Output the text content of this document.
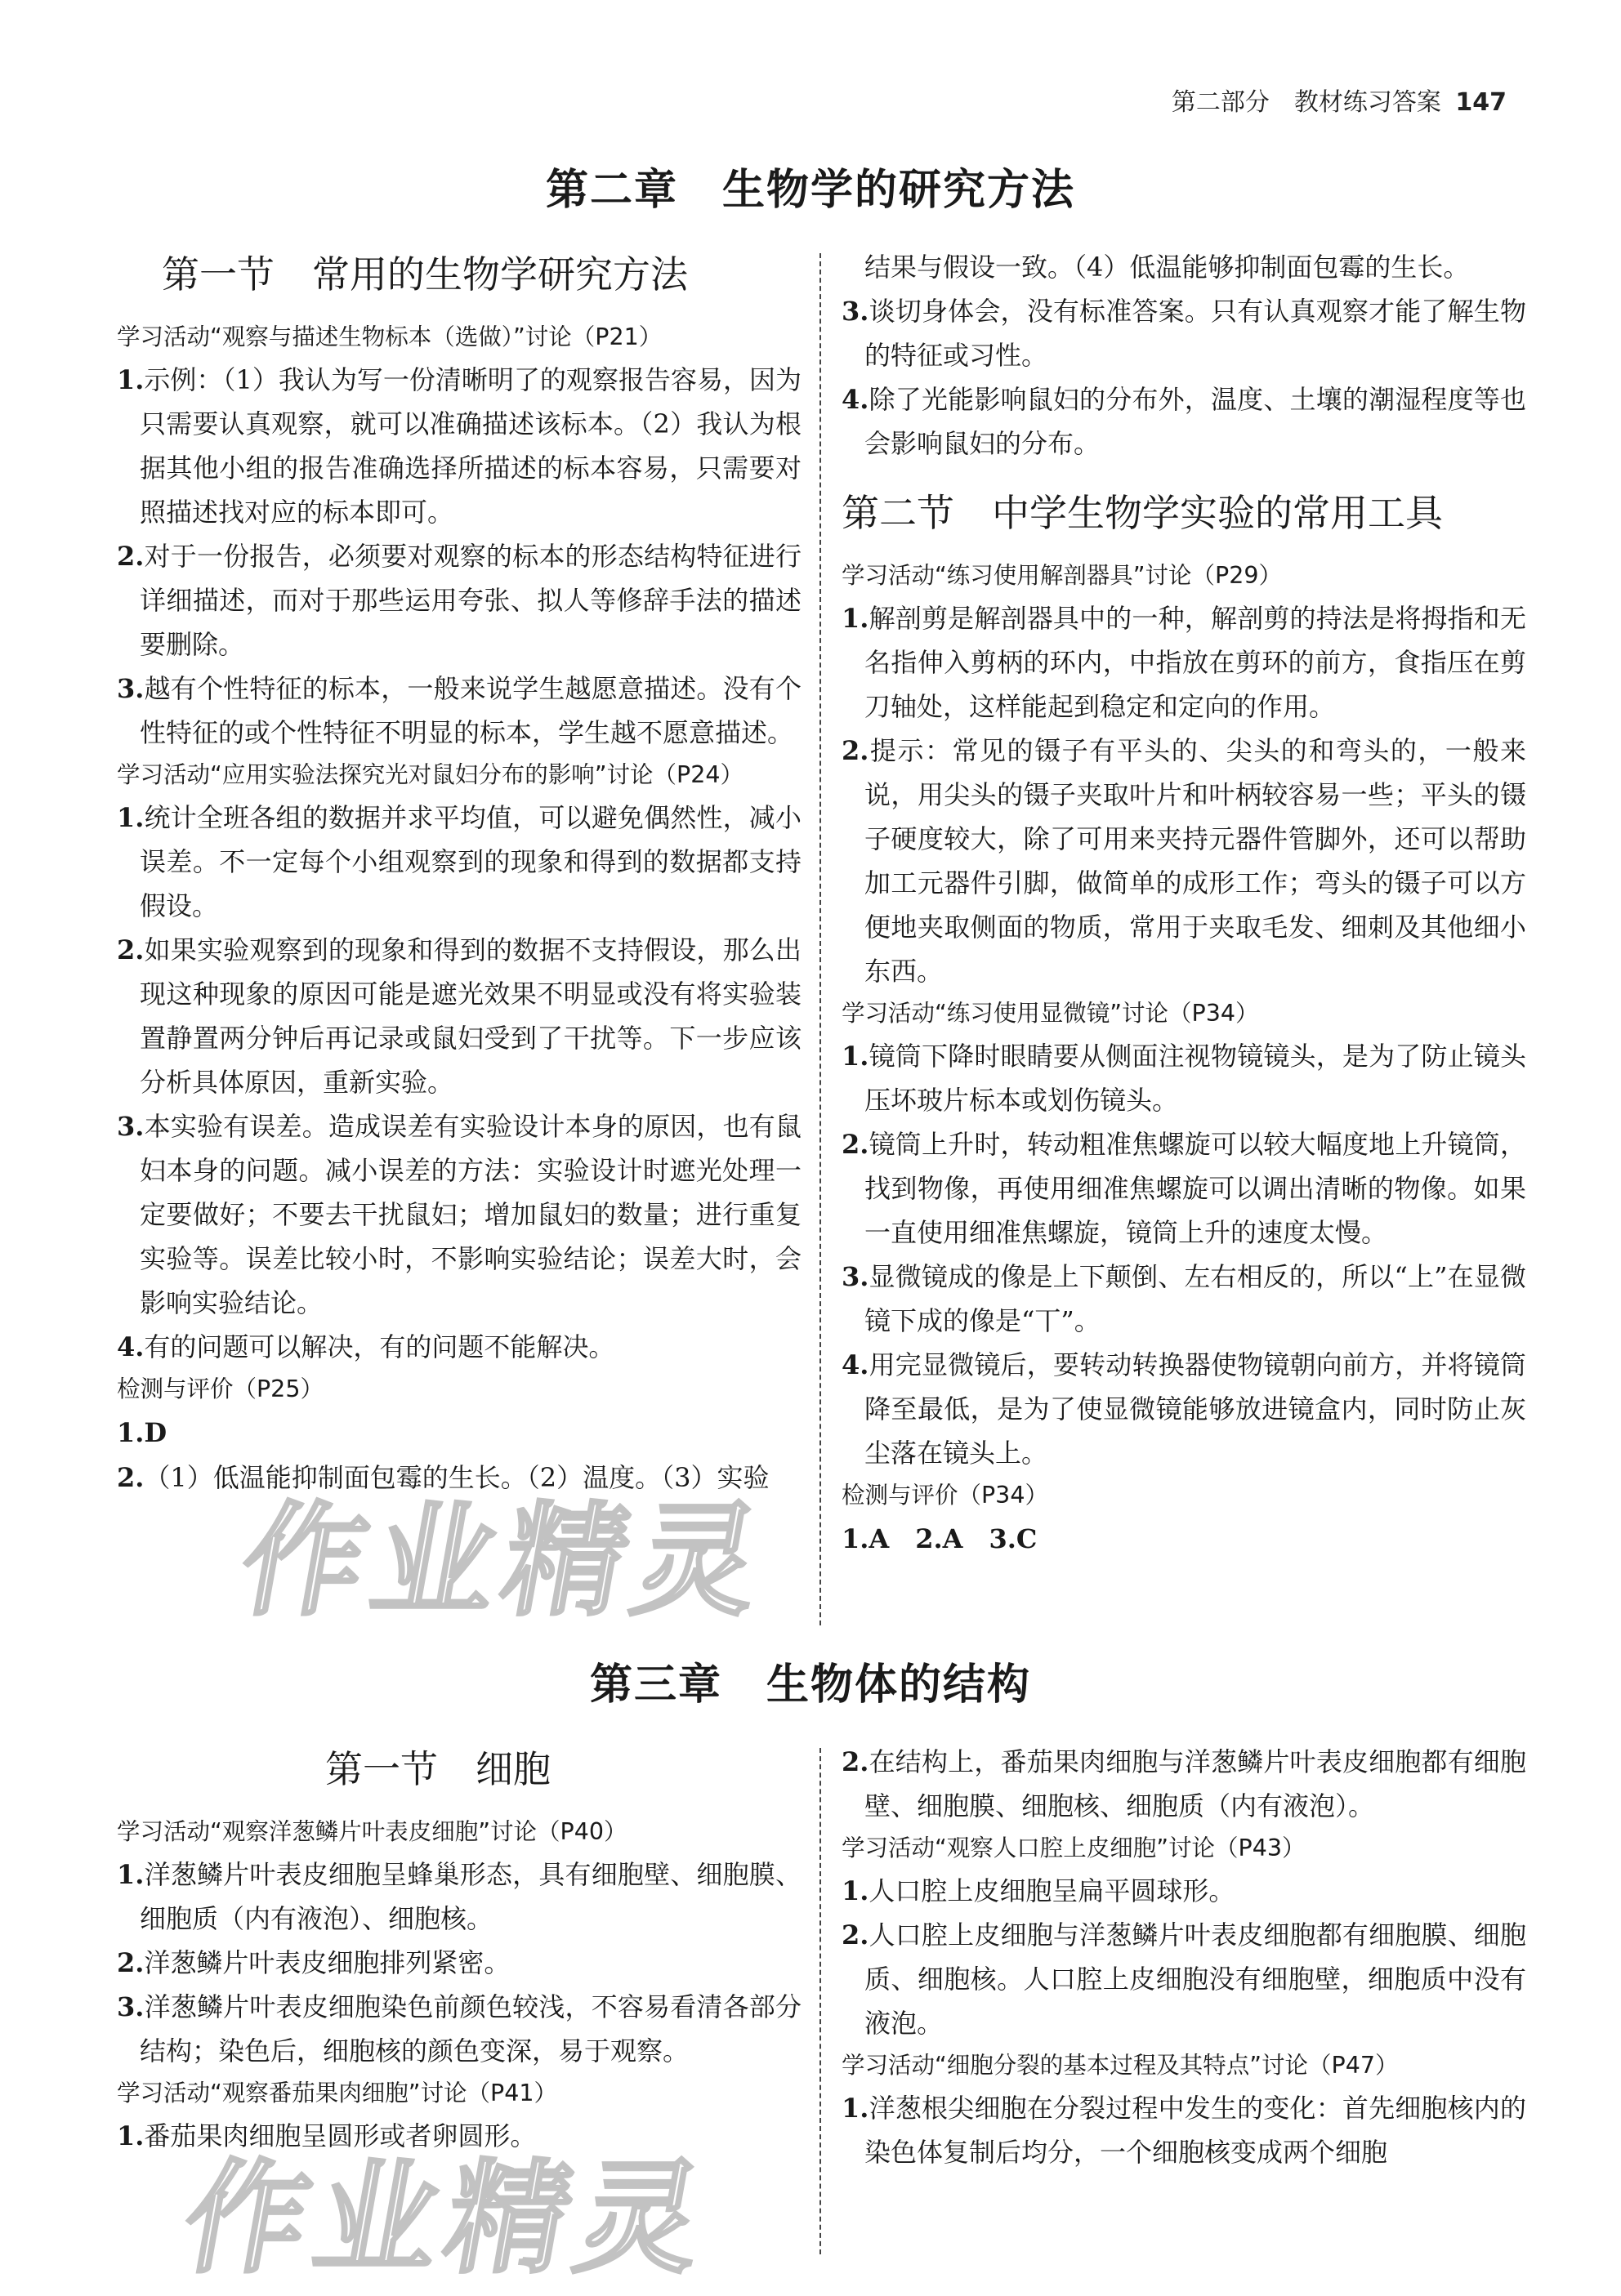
第二部分　教材练习答案 147
第二章　生物学的研究方法
第一节　常用的生物学研究方法

学习活动“观察与描述生物标本（选做）”讨论（P21）

1.示例：（1）我认为写一份清晰明了的观察报告容易，因为只需要认真观察，就可以准确描述该标本。（2）我认为根据其他小组的报告准确选择所描述的标本容易，只需要对照描述找对应的标本即可。

2.对于一份报告，必须要对观察的标本的形态结构特征进行详细描述，而对于那些运用夸张、拟人等修辞手法的描述要删除。

3.越有个性特征的标本，一般来说学生越愿意描述。没有个性特征的或个性特征不明显的标本，学生越不愿意描述。

学习活动“应用实验法探究光对鼠妇分布的影响”讨论（P24）

1.统计全班各组的数据并求平均值，可以避免偶然性，减小误差。不一定每个小组观察到的现象和得到的数据都支持假设。

2.如果实验观察到的现象和得到的数据不支持假设，那么出现这种现象的原因可能是遮光效果不明显或没有将实验装置静置两分钟后再记录或鼠妇受到了干扰等。下一步应该分析具体原因，重新实验。

3.本实验有误差。造成误差有实验设计本身的原因，也有鼠妇本身的问题。减小误差的方法：实验设计时遮光处理一定要做好；不要去干扰鼠妇；增加鼠妇的数量；进行重复实验等。误差比较小时，不影响实验结论；误差大时，会影响实验结论。

4.有的问题可以解决，有的问题不能解决。

检测与评价（P25）

1.D

2.（1）低温能抑制面包霉的生长。（2）温度。（3）实验

结果与假设一致。（4）低温能够抑制面包霉的生长。

3.谈切身体会，没有标准答案。只有认真观察才能了解生物的特征或习性。

4.除了光能影响鼠妇的分布外，温度、土壤的潮湿程度等也会影响鼠妇的分布。

第二节　中学生物学实验的常用工具

学习活动“练习使用解剖器具”讨论（P29）

1.解剖剪是解剖器具中的一种，解剖剪的持法是将拇指和无名指伸入剪柄的环内，中指放在剪环的前方，食指压在剪刀轴处，这样能起到稳定和定向的作用。

2.提示：常见的镊子有平头的、尖头的和弯头的，一般来说，用尖头的镊子夹取叶片和叶柄较容易一些；平头的镊子硬度较大，除了可用来夹持元器件管脚外，还可以帮助加工元器件引脚，做简单的成形工作；弯头的镊子可以方便地夹取侧面的物质，常用于夹取毛发、细刺及其他细小东西。

学习活动“练习使用显微镜”讨论（P34）

1.镜筒下降时眼睛要从侧面注视物镜镜头，是为了防止镜头压坏玻片标本或划伤镜头。

2.镜筒上升时，转动粗准焦螺旋可以较大幅度地上升镜筒，找到物像，再使用细准焦螺旋可以调出清晰的物像。如果一直使用细准焦螺旋，镜筒上升的速度太慢。

3.显微镜成的像是上下颠倒、左右相反的，所以“上”在显微镜下成的像是“丅”。

4.用完显微镜后，要转动转换器使物镜朝向前方，并将镜筒降至最低，是为了使显微镜能够放进镜盒内，同时防止灰尘落在镜头上。

检测与评价（P34）

1.A　2.A　3.C

第三章　生物体的结构
第一节　细胞

学习活动“观察洋葱鳞片叶表皮细胞”讨论（P40）

1.洋葱鳞片叶表皮细胞呈蜂巢形态，具有细胞壁、细胞膜、细胞质（内有液泡）、细胞核。

2.洋葱鳞片叶表皮细胞排列紧密。

3.洋葱鳞片叶表皮细胞染色前颜色较浅，不容易看清各部分结构；染色后，细胞核的颜色变深，易于观察。

学习活动“观察番茄果肉细胞”讨论（P41）

1.番茄果肉细胞呈圆形或者卵圆形。

2.在结构上，番茄果肉细胞与洋葱鳞片叶表皮细胞都有细胞壁、细胞膜、细胞核、细胞质（内有液泡）。

学习活动“观察人口腔上皮细胞”讨论（P43）

1.人口腔上皮细胞呈扁平圆球形。

2.人口腔上皮细胞与洋葱鳞片叶表皮细胞都有细胞膜、细胞质、细胞核。人口腔上皮细胞没有细胞壁，细胞质中没有液泡。

学习活动“细胞分裂的基本过程及其特点”讨论（P47）

1.洋葱根尖细胞在分裂过程中发生的变化：首先细胞核内的染色体复制后均分，一个细胞核变成两个细胞

作业精灵
作业精灵
